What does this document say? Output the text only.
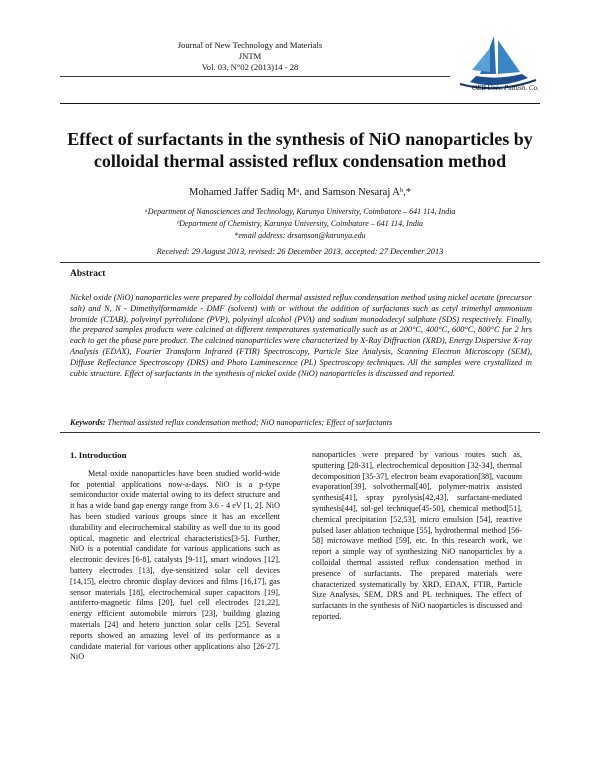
Journal of New Technology and Materials
JNTM
Vol. 03, N°02 (2013)14 - 28
OEB Univ. Publish. Co.
Effect of surfactants in the synthesis of NiO nanoparticles by
colloidal thermal assisted reflux condensation method
Mohamed Jaffer Sadiq Mᵃ. and Samson Nesaraj Aᵇ,*
ᵃDepartment of Nanosciences and Technology, Karunya University, Coimbatore – 641 114, India
ᵇDepartment of Chemistry, Karunya University, Coimbatore – 641 114, India
*email address: drsamson@karunya.edu
Received: 29 August 2013, revised: 26 December 2013, accepted: 27 December 2013
Abstract
Nickel oxide (NiO) nanoparticles were prepared by colloidal thermal assisted reflux condensation method using nickel acetate (precursor salt) and N, N - Dimethylformamide - DMF (solvent) with or without the addition of surfactants such as cetyl trimethyl ammonium bromide (CTAB), polyvinyl pyrrolidone (PVP), polyvinyl alcohol (PVA) and sodium monododecyl sulphate (SDS) respectively. Finally, the prepared samples products were calcined at different temperatures systematically such as at 200°C, 400°C, 600°C, 800°C for 2 hrs each to get the phase pure product. The calcined nanoparticles were characterized by X-Ray Diffraction (XRD), Energy Dispersive X-ray Analysis (EDAX), Fourier Transform Infrared (FTIR) Spectroscopy, Particle Size Analysis, Scanning Electron Microscopy (SEM), Diffuse Reflectance Spectroscopy (DRS) and Photo Luminescence (PL) Spectroscopy techniques. All the samples were crystallized in cubic structure. Effect of surfactants in the synthesis of nickel oxide (NiO) nanoparticles is discussed and reported.
Keywords: Thermal assisted reflux condensation method; NiO nanoparticles; Effect of surfactants
1. Introduction
Metal oxide nanoparticles have been studied world-wide for potential applications now-a-days. NiO is a p-type semiconductor oxide material owing to its defect structure and it has a wide band gap energy range from 3.6 - 4 eV [1, 2]. NiO has been studied various groups since it has an excellent durability and electrochemical stability as well due to its good optical, magnetic and electrical characteristics[3-5]. Further, NiO is a potential candidate for various applications such as electronic devices [6-8], catalysts [9-11], smart windows [12], battery electrodes [13], dye-sensitized solar cell devices [14,15], electro chromic display devices and films [16,17], gas sensor materials [18], electrochemical super capacitors [19], antiferro-magnetic films [20], fuel cell electrodes [21,22], energy efficient automobile mirrors [23], building glazing materials [24] and hetero junction solar cells [25]. Several reports showed an amazing level of its performance as a candidate material for various other applications also [26-27]. NiO
nanoparticles were prepared by various routes such as, sputtering [28-31], electrochemical deposition [32-34], thermal decomposition [35-37], electron beam evaporation[38], vacuum evaporation[39], solvothermal[40], polymer-matrix assisted synthesis[41], spray pyrolysis[42,43], surfactant-mediated synthesis[44], sol-gel technique[45-50], chemical method[51], chemical precipitation [52,53], micro emulsion [54], reactive pulsed laser ablation technique [55], hydrothermal method [56-58] microwave method [59], etc. In this research work, we report a simple way of synthesizing NiO nanoparticles by a colloidal thermal assisted reflux condensation method in presence of surfactants. The prepared materials were characterized systematically by XRD, EDAX, FTIR, Particle Size Analysis, SEM, DRS and PL techniques. The effect of surfactants in the synthesis of NiO naoparticles is discussed and reported.
